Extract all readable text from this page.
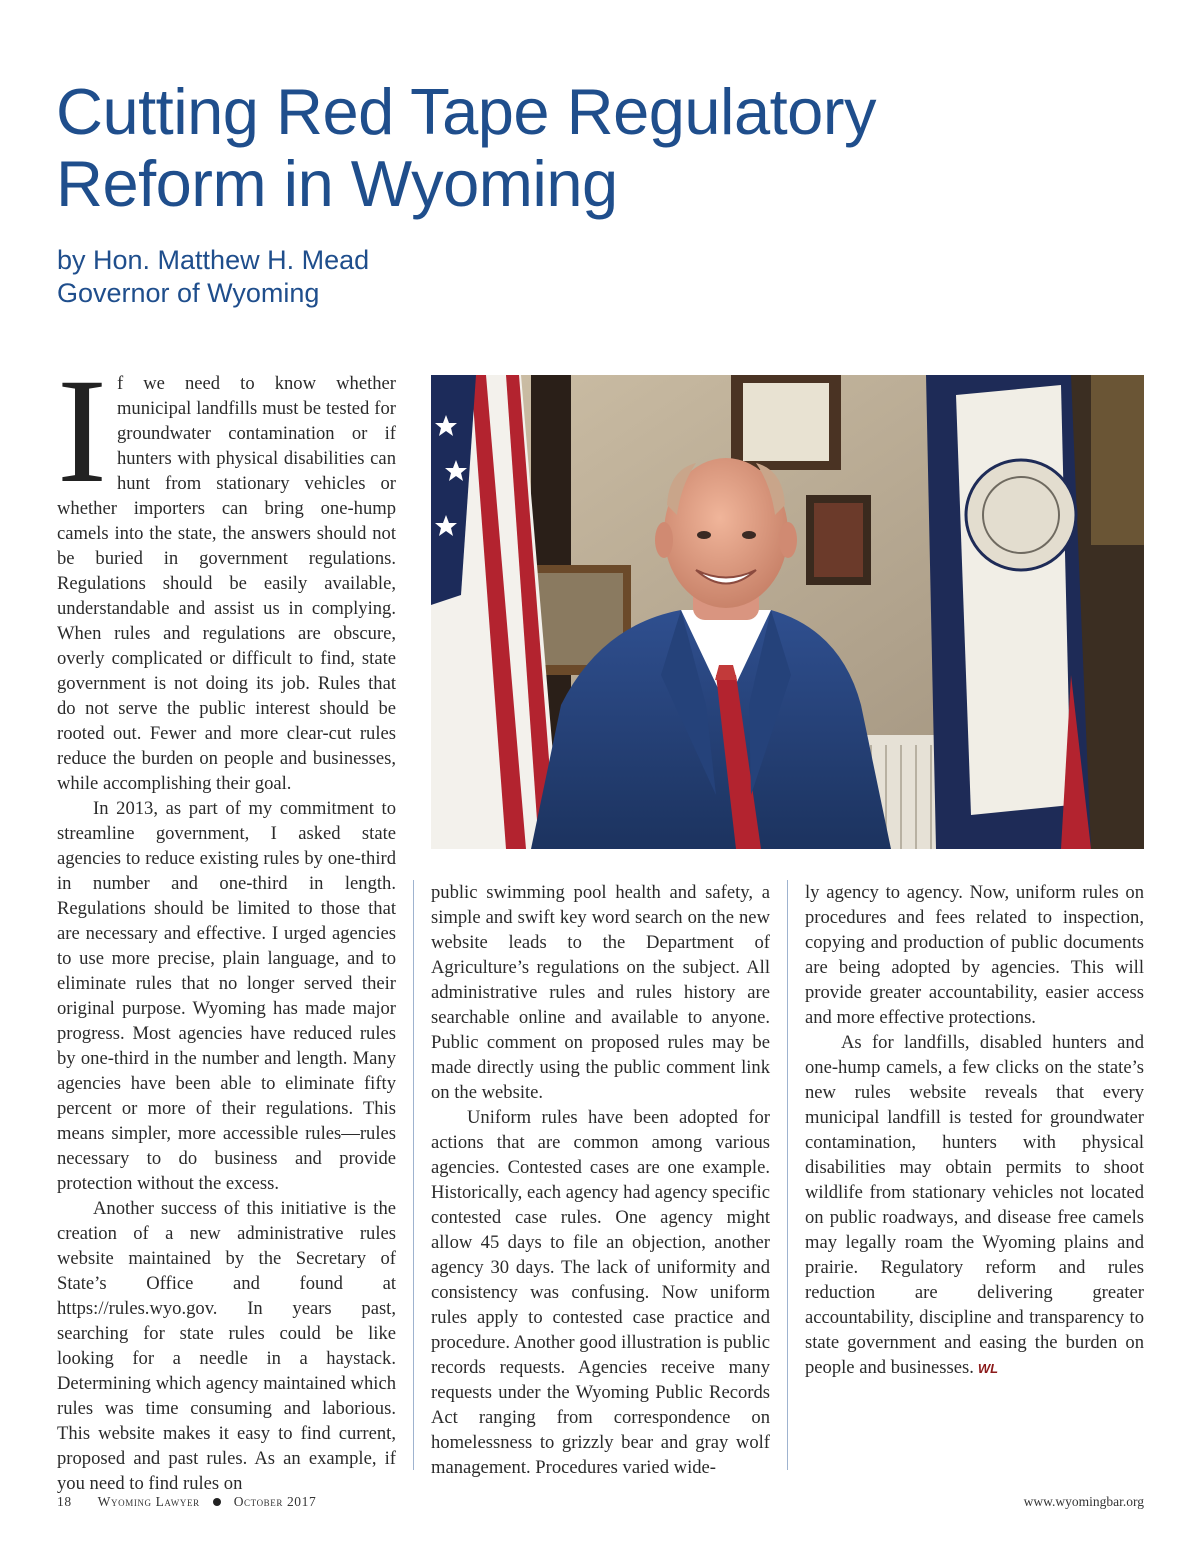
Cutting Red Tape Regulatory
Reform in Wyoming
by Hon. Matthew H. Mead
Governor of Wyoming

If we need to know whether municipal landfills must be tested for groundwater contamination or if hunters with physical disabilities can hunt from stationary vehicles or whether importers can bring one-hump camels into the state, the answers should not be buried in government regulations. Regulations should be easily available, understandable and assist us in complying. When rules and regulations are obscure, overly complicated or difficult to find, state government is not doing its job. Rules that do not serve the public interest should be rooted out. Fewer and more clear-cut rules reduce the burden on people and businesses, while accomplishing their goal.

In 2013, as part of my commitment to streamline government, I asked state agencies to reduce existing rules by one-third in number and one-third in length. Regulations should be limited to those that are necessary and effective. I urged agencies to use more precise, plain language, and to eliminate rules that no longer served their original purpose. Wyoming has made major progress. Most agencies have reduced rules by one-third in the number and length. Many agencies have been able to eliminate fifty percent or more of their regulations. This means simpler, more accessible rules—rules necessary to do business and provide protection without the excess.

Another success of this initiative is the creation of a new administrative rules website maintained by the Secretary of State’s Office and found at https://rules.wyo.gov. In years past, searching for state rules could be like looking for a needle in a haystack. Determining which agency maintained which rules was time consuming and laborious. This website makes it easy to find current, proposed and past rules. As an example, if you need to find rules on

public swimming pool health and safety, a simple and swift key word search on the new website leads to the Department of Agriculture’s regulations on the subject. All administrative rules and rules history are searchable online and available to anyone. Public comment on proposed rules may be made directly using the public comment link on the website.

Uniform rules have been adopted for actions that are common among various agencies. Contested cases are one example. Historically, each agency had agency specific contested case rules. One agency might allow 45 days to file an objection, another agency 30 days. The lack of uniformity and consistency was confusing. Now uniform rules apply to contested case practice and procedure. Another good illustration is public records requests. Agencies receive many requests under the Wyoming Public Records Act ranging from correspondence on homelessness to grizzly bear and gray wolf management. Procedures varied wide-

ly agency to agency. Now, uniform rules on procedures and fees related to inspection, copying and production of public documents are being adopted by agencies. This will provide greater accountability, easier access and more effective protections.

As for landfills, disabled hunters and one-hump camels, a few clicks on the state’s new rules website reveals that every municipal landfill is tested for groundwater contamination, hunters with physical disabilities may obtain permits to shoot wildlife from stationary vehicles not located on public roadways, and disease free camels may legally roam the Wyoming plains and prairie. Regulatory reform and rules reduction are delivering greater accountability, discipline and transparency to state government and easing the burden on people and businesses. WL

18 Wyoming Lawyer	October 2017	www.wyomingbar.org
